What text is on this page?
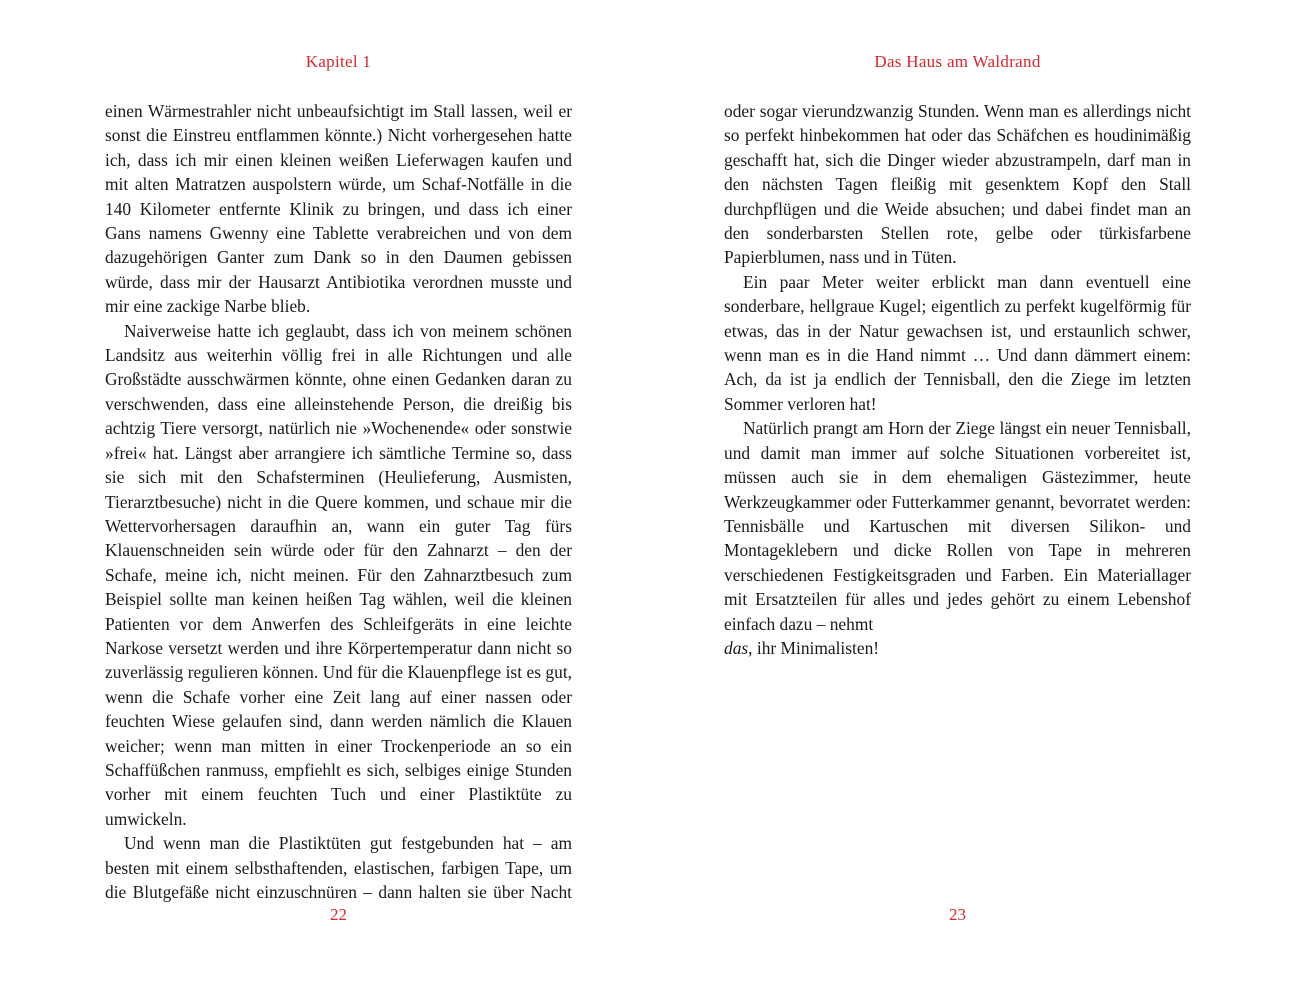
Kapitel 1

einen Wärmestrahler nicht unbeaufsichtigt im Stall lassen, weil er sonst die Einstreu entflammen könnte.) Nicht vorhergesehen hatte ich, dass ich mir einen kleinen weißen Lieferwagen kaufen und mit alten Matratzen auspolstern würde, um Schaf-Notfälle in die 140 Kilometer entfernte Klinik zu bringen, und dass ich einer Gans namens Gwenny eine Tablette verabreichen und von dem dazugehörigen Ganter zum Dank so in den Daumen gebissen würde, dass mir der Hausarzt Antibiotika verordnen musste und mir eine zackige Narbe blieb.

Naiverweise hatte ich geglaubt, dass ich von meinem schönen Landsitz aus weiterhin völlig frei in alle Richtungen und alle Großstädte ausschwärmen könnte, ohne einen Gedanken daran zu verschwenden, dass eine alleinstehende Person, die dreißig bis achtzig Tiere versorgt, natürlich nie »Wochenende« oder sonstwie »frei« hat. Längst aber arrangiere ich sämtliche Termine so, dass sie sich mit den Schafsterminen (Heulieferung, Ausmisten, Tierarztbesuche) nicht in die Quere kommen, und schaue mir die Wettervorhersagen daraufhin an, wann ein guter Tag fürs Klauenschneiden sein würde oder für den Zahnarzt – den der Schafe, meine ich, nicht meinen. Für den Zahnarztbesuch zum Beispiel sollte man keinen heißen Tag wählen, weil die kleinen Patienten vor dem Anwerfen des Schleifgeräts in eine leichte Narkose versetzt werden und ihre Körpertemperatur dann nicht so zuverlässig regulieren können. Und für die Klauenpflege ist es gut, wenn die Schafe vorher eine Zeit lang auf einer nassen oder feuchten Wiese gelaufen sind, dann werden nämlich die Klauen weicher; wenn man mitten in einer Trockenperiode an so ein Schaffüßchen ranmuss, empfiehlt es sich, selbiges einige Stunden vorher mit einem feuchten Tuch und einer Plastiktüte zu umwickeln.

Und wenn man die Plastiktüten gut festgebunden hat – am besten mit einem selbsthaftenden, elastischen, farbigen Tape, um die Blutgefäße nicht einzuschnüren – dann halten sie über Nacht

22
Das Haus am Waldrand

oder sogar vierundzwanzig Stunden. Wenn man es allerdings nicht so perfekt hinbekommen hat oder das Schäfchen es houdinimäßig geschafft hat, sich die Dinger wieder abzustrampeln, darf man in den nächsten Tagen fleißig mit gesenktem Kopf den Stall durchpflügen und die Weide absuchen; und dabei findet man an den sonderbarsten Stellen rote, gelbe oder türkisfarbene Papierblumen, nass und in Tüten.

Ein paar Meter weiter erblickt man dann eventuell eine sonderbare, hellgraue Kugel; eigentlich zu perfekt kugelförmig für etwas, das in der Natur gewachsen ist, und erstaunlich schwer, wenn man es in die Hand nimmt … Und dann dämmert einem: Ach, da ist ja endlich der Tennisball, den die Ziege im letzten Sommer verloren hat!

Natürlich prangt am Horn der Ziege längst ein neuer Tennisball, und damit man immer auf solche Situationen vorbereitet ist, müssen auch sie in dem ehemaligen Gästezimmer, heute Werkzeugkammer oder Futterkammer genannt, bevorratet werden: Tennisbälle und Kartuschen mit diversen Silikon- und Montageklebern und dicke Rollen von Tape in mehreren verschiedenen Festigkeitsgraden und Farben. Ein Materiallager mit Ersatzteilen für alles und jedes gehört zu einem Lebenshof einfach dazu – nehmt
das, ihr Minimalisten!

23
